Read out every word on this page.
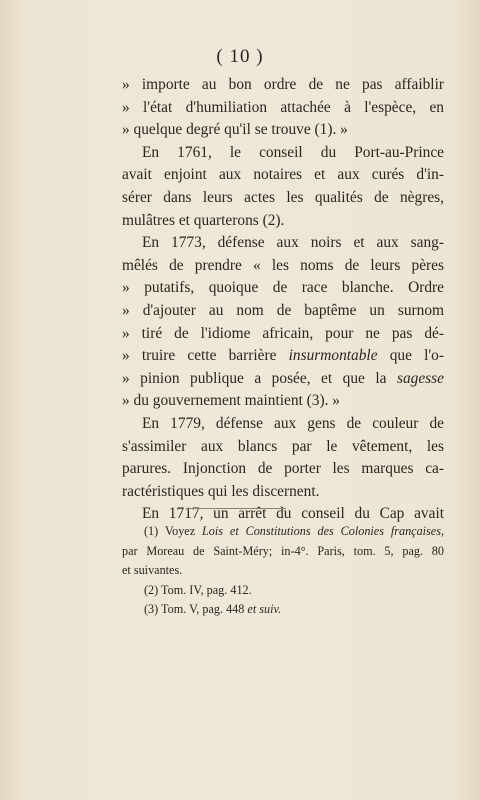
( 10 )
» importe au bon ordre de ne pas affaiblir
» l'état d'humiliation attachée à l'espèce, en
» quelque degré qu'il se trouve (1). »
En 1761, le conseil du Port-au-Prince
avait enjoint aux notaires et aux curés d'in-
sérer dans leurs actes les qualités de nègres,
mulâtres et quarterons (2).
En 1773, défense aux noirs et aux sang-
mêlés de prendre « les noms de leurs pères
» putatifs, quoique de race blanche. Ordre
» d'ajouter au nom de baptême un surnom
» tiré de l'idiome africain, pour ne pas dé-
» truire cette barrière insurmontable que l'o-
» pinion publique a posée, et que la sagesse
» du gouvernement maintient (3). »
En 1779, défense aux gens de couleur de
s'assimiler aux blancs par le vêtement, les
parures. Injonction de porter les marques ca-
ractéristiques qui les discernent.
En 1717, un arrêt du conseil du Cap avait
(1) Voyez Lois et Constitutions des Colonies françaises,
par Moreau de Saint-Méry; in-4°. Paris, tom. 5, pag. 80
et suivantes.
(2) Tom. IV, pag. 412.
(3) Tom. V, pag. 448 et suiv.
